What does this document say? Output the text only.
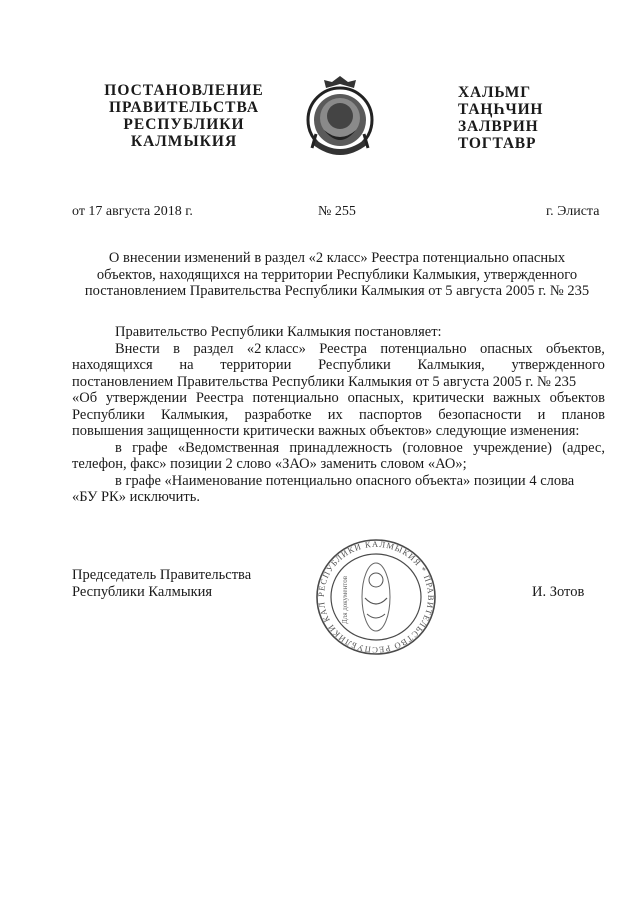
ПОСТАНОВЛЕНИЕ
ПРАВИТЕЛЬСТВА
РЕСПУБЛИКИ
КАЛМЫКИЯ
ХАЛЬМГ
ТАҢҺЧИН
ЗАЛВРИН
ТОГТАВР
от 17 августа 2018 г.	№ 255	г. Элиста
О внесении изменений в раздел «2 класс» Реестра потенциально опасных
объектов, находящихся на территории Республики Калмыкия, утвержденного
постановлением Правительства Республики Калмыкия от 5 августа 2005 г. № 235
Правительство Республики Калмыкия постановляет:
Внести в раздел «2 класс» Реестра потенциально опасных объектов,
находящихся на территории Республики Калмыкия, утвержденного
постановлением Правительства Республики Калмыкия от 5 августа 2005 г. № 235
«Об утверждении Реестра потенциально опасных, критически важных объектов
Республики Калмыкия, разработке их паспортов безопасности и планов
повышения защищенности критически важных объектов» следующие изменения:
в графе «Ведомственная принадлежность (головное учреждение) (адрес,
телефон, факс» позиции 2 слово «ЗАО» заменить словом «АО»;
в графе «Наименование потенциально опасного объекта» позиции 4 слова
«БУ РК» исключить.
РЕСПУБЛИКИ КАЛМЫКИЯ * ПРАВИТЕЛЬСТВО РЕСПУБЛИКИ КАЛ	Для документов
Председатель Правительства
Республики Калмыкия	И. Зотов
